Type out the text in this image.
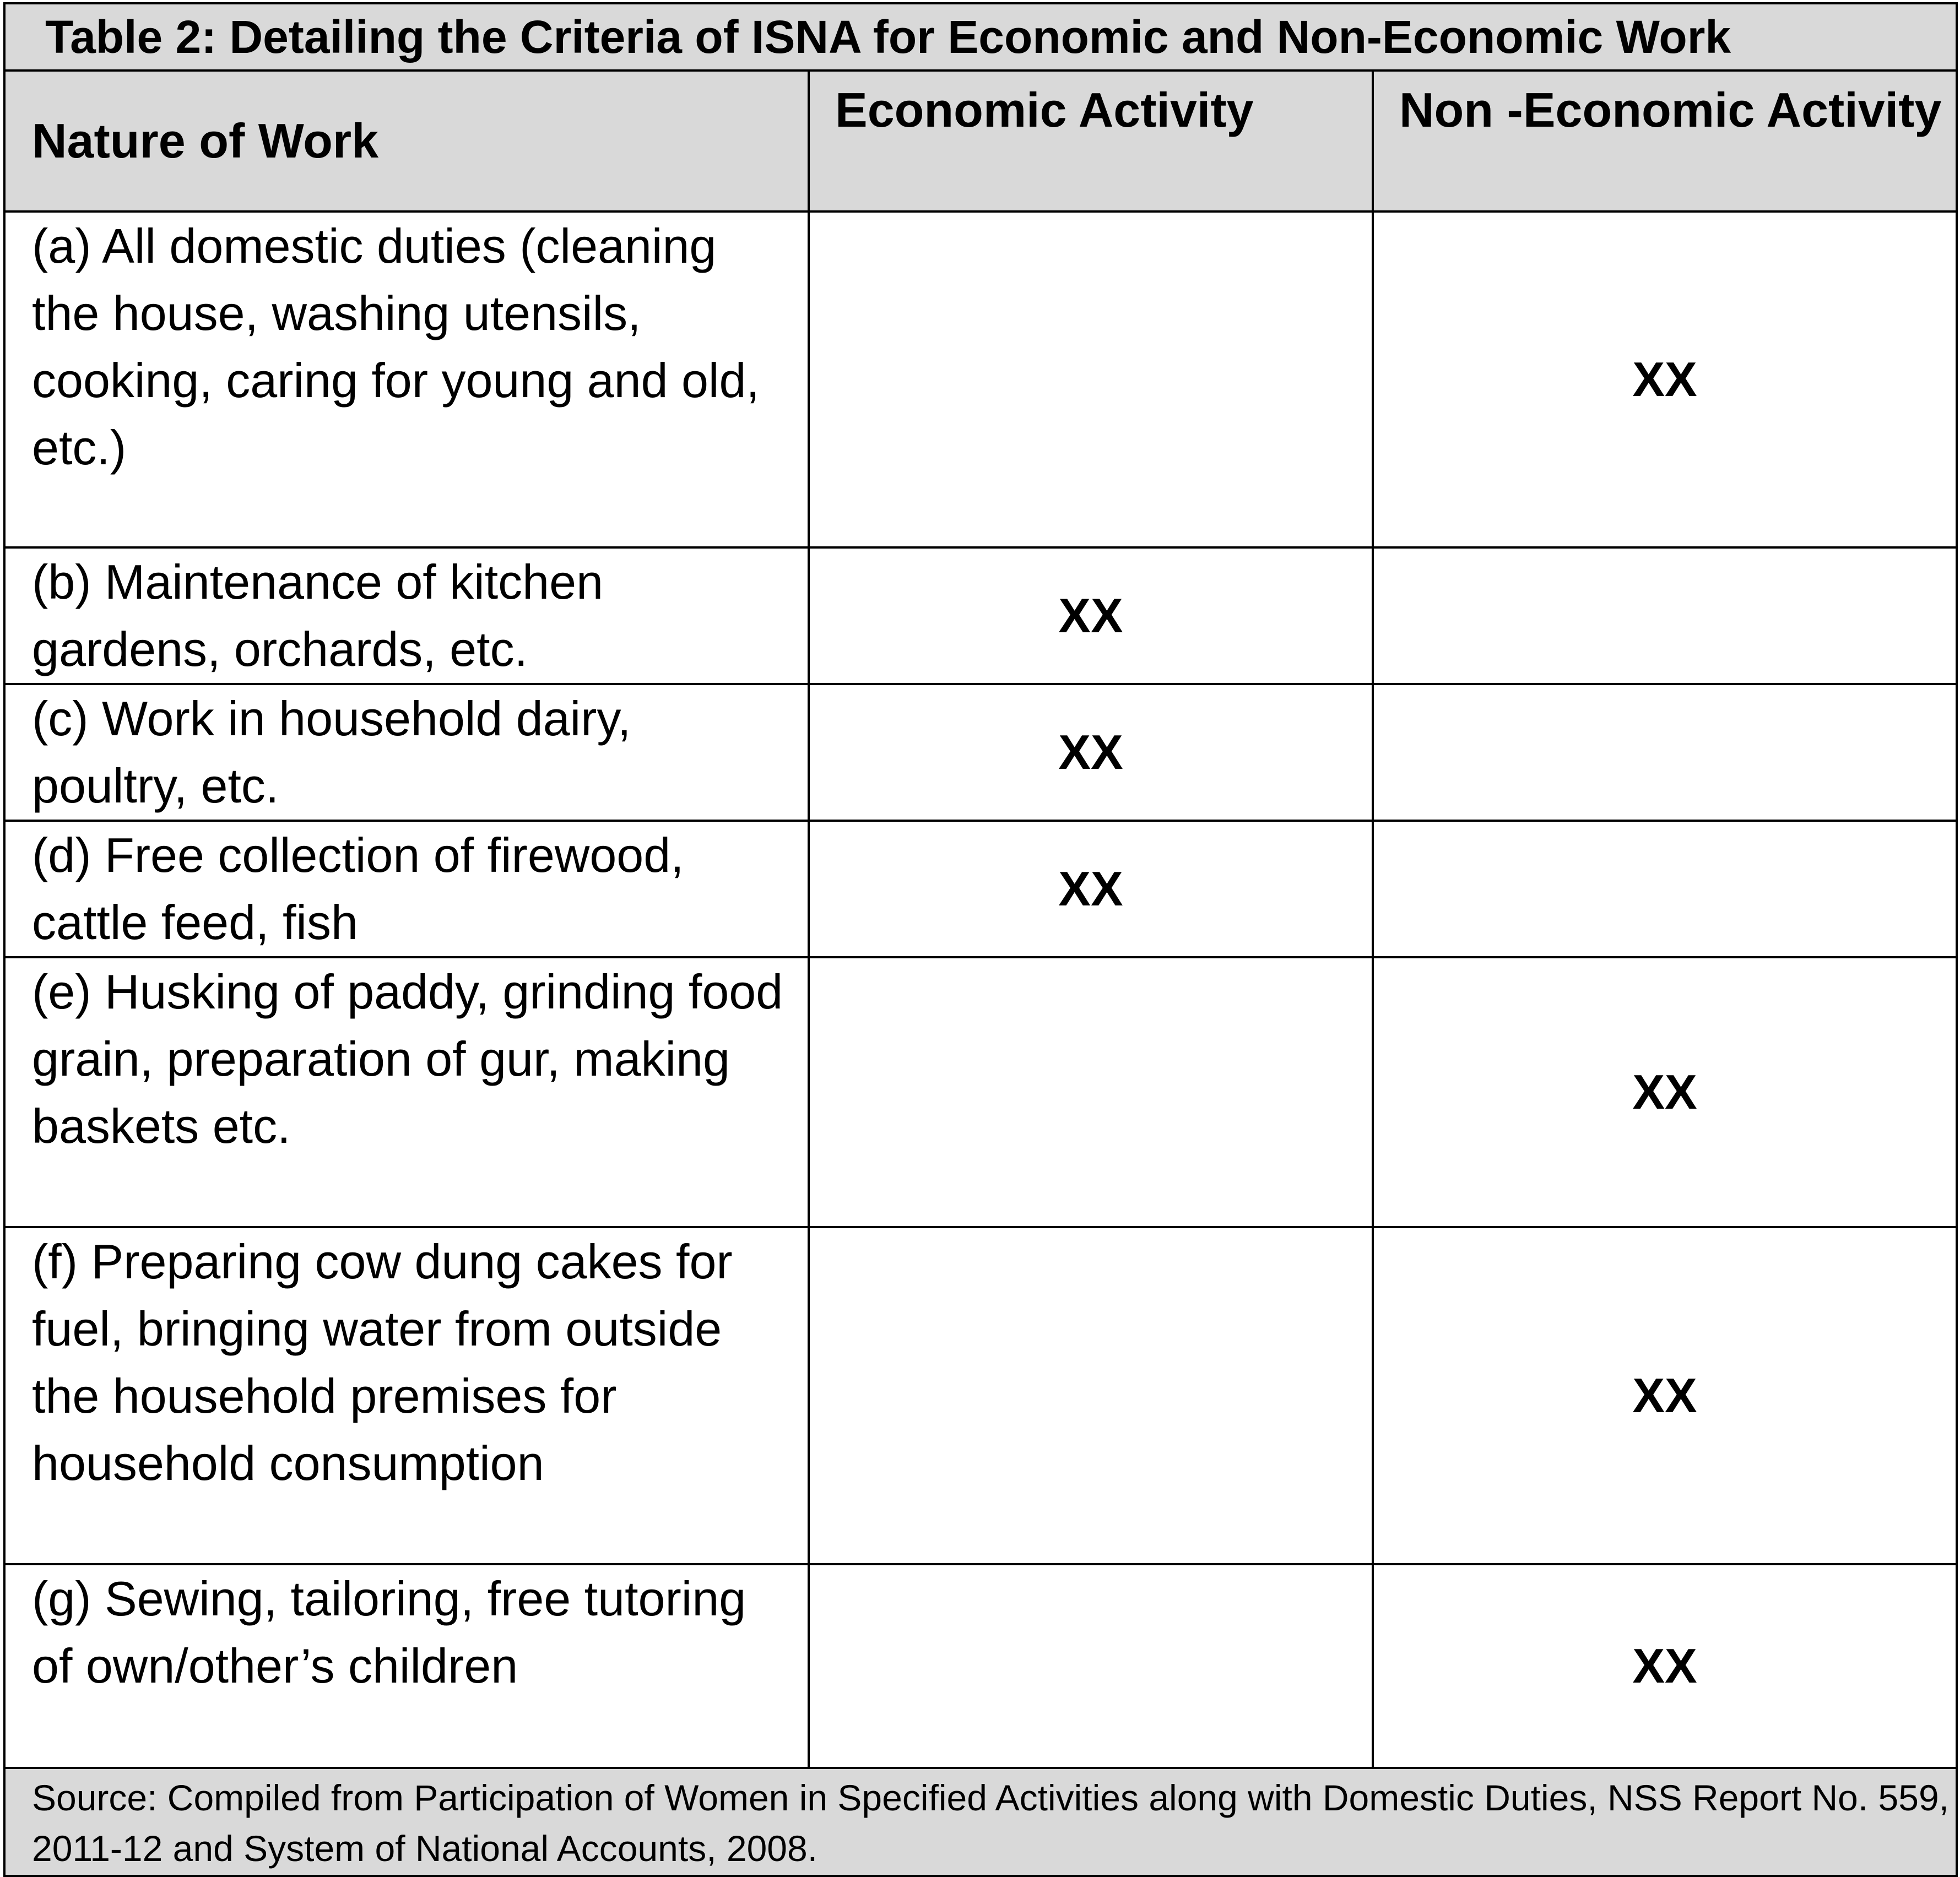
Table 2: Detailing the Criteria of ISNA for Economic and Non-Economic Work		
Nature of Work	Economic Activity	Non -Economic Activity
(a) All domestic duties (cleaning the house, washing utensils, cooking, caring for young and old, etc.)		XX
(b) Maintenance of kitchen gardens, orchards, etc.	XX	
(c) Work in household dairy, poultry, etc.	XX	
(d) Free collection of firewood, cattle feed, fish	XX	
(e) Husking of paddy, grinding food grain, preparation of gur, making baskets etc.		XX
(f) Preparing cow dung cakes for fuel, bringing water from outside the household premises for household consumption		XX
(g) Sewing, tailoring, free tutoring of own/other’s children		XX
Source: Compiled from Participation of Women in Specified Activities along with Domestic Duties, NSS Report No. 559, 2011-12 and System of National Accounts, 2008.		
